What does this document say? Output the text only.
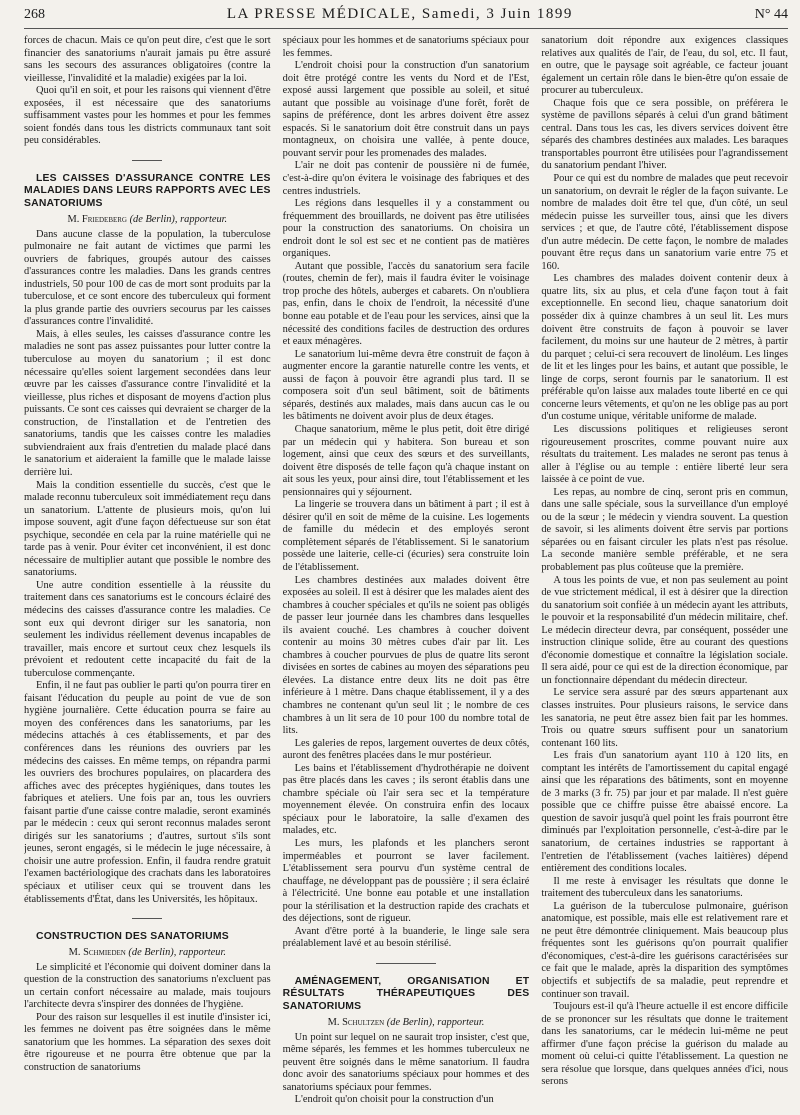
268	LA PRESSE MÉDICALE, Samedi, 3 Juin 1899	N° 44

forces de chacun. Mais ce qu'on peut dire, c'est que le sort financier des sanatoriums n'aurait jamais pu être assuré sans les secours des assurances obligatoires (contre la vieillesse, l'invalidité et la maladie) exigées par la loi.

Quoi qu'il en soit, et pour les raisons qui viennent d'être exposées, il est nécessaire que des sanatoriums suffisamment vastes pour les hommes et pour les femmes soient fondés dans tous les districts communaux tant soit peu considérables.

LES CAISSES D'ASSURANCE CONTRE LES MALADIES DANS LEURS RAPPORTS AVEC LES SANATORIUMS

M. Friedeberg (de Berlin), rapporteur.

Dans aucune classe de la population, la tuberculose pulmonaire ne fait autant de victimes que parmi les ouvriers de fabriques, groupés autour des caisses d'assurances contre les maladies. Dans les grands centres industriels, 50 pour 100 de cas de mort sont produits par la tuberculose, et ce sont encore des tuberculeux qui forment la plus grande partie des ouvriers secourus par les caisses d'assurances contre l'invalidité.

Mais, à elles seules, les caisses d'assurance contre les maladies ne sont pas assez puissantes pour lutter contre la tuberculose au moyen du sanatorium ; il est donc nécessaire qu'elles soient largement secondées dans leur œuvre par les caisses d'assurance contre l'invalidité et la vieillesse, plus riches et disposant de moyens d'action plus puissants. Ce sont ces caisses qui devraient se charger de la construction, de l'installation et de l'entretien des sanatoriums, tandis que les caisses contre les maladies subviendraient aux frais d'entretien du malade placé dans le sanatorium et aideraient la famille que le malade laisse derrière lui.

Mais la condition essentielle du succès, c'est que le malade reconnu tuberculeux soit immédiatement reçu dans un sanatorium. L'attente de plusieurs mois, qu'on lui impose souvent, agit d'une façon défectueuse sur son état psychique, secondée en cela par la ruine matérielle qui ne tarde pas à venir. Pour éviter cet inconvénient, il est donc nécessaire de multiplier autant que possible le nombre des sanatoriums.

Une autre condition essentielle à la réussite du traitement dans ces sanatoriums est le concours éclairé des médecins des caisses d'assurance contre les maladies. Ce sont eux qui devront diriger sur les sanatoria, non seulement les individus réellement devenus incapables de travailler, mais encore et surtout ceux chez lesquels ils prévoient et redoutent cette incapacité du fait de la tuberculose commençante.

Enfin, il ne faut pas oublier le parti qu'on pourra tirer en faisant l'éducation du peuple au point de vue de son hygiène journalière. Cette éducation pourra se faire au moyen des conférences dans les sanatoriums, par les médecins attachés à ces établissements, et par des conférences dans les réunions des ouvriers par les médecins des caisses. En même temps, on répandra parmi les ouvriers des brochures populaires, on placardera des affiches avec des préceptes hygiéniques, dans toutes les fabriques et ateliers. Une fois par an, tous les ouvriers faisant partie d'une caisse contre maladie, seront examinés par le médecin : ceux qui seront reconnus malades seront dirigés sur les sanatoriums ; d'autres, surtout s'ils sont jeunes, seront engagés, si le médecin le juge nécessaire, à choisir une autre profession. Enfin, il faudra rendre gratuit l'examen bactériologique des crachats dans les laboratoires spéciaux et utiliser ceux qui se trouvent dans les établissements d'État, dans les Universités, les hôpitaux.

CONSTRUCTION DES SANATORIUMS

M. Schmieden (de Berlin), rapporteur.

Le simplicité et l'économie qui doivent dominer dans la question de la construction des sanatoriums n'excluent pas un certain confort nécessaire au malade, mais toujours l'architecte devra s'inspirer des données de l'hygiène.

Pour des raison sur lesquelles il est inutile d'insister ici, les femmes ne doivent pas être soignées dans le même sanatorium que les hommes. La séparation des sexes doit être rigoureuse et ne pourra être obtenue que par la construction de sanatoriums

spéciaux pour les hommes et de sanatoriums spéciaux pour les femmes.

L'endroit choisi pour la construction d'un sanatorium doit être protégé contre les vents du Nord et de l'Est, exposé aussi largement que possible au soleil, et situé autant que possible au voisinage d'une forêt, forêt de sapins de préférence, dont les arbres doivent être assez espacés. Si le sanatorium doit être construit dans un pays montagneux, on choisira une vallée, à pente douce, pouvant servir pour les promenades des malades.

L'air ne doit pas contenir de poussière ni de fumée, c'est-à-dire qu'on évitera le voisinage des fabriques et des centres industriels.

Les régions dans lesquelles il y a constamment ou fréquemment des brouillards, ne doivent pas être utilisées pour la construction des sanatoriums. On choisira un endroit dont le sol est sec et ne contient pas de matières organiques.

Autant que possible, l'accès du sanatorium sera facile (routes, chemin de fer), mais il faudra éviter le voisinage trop proche des hôtels, auberges et cabarets. On n'oubliera pas, enfin, dans le choix de l'endroit, la nécessité d'une bonne eau potable et de l'eau pour les services, ainsi que la nécessité des conditions faciles de destruction des ordures et eaux ménagères.

Le sanatorium lui-même devra être construit de façon à augmenter encore la garantie naturelle contre les vents, et aussi de façon à pouvoir être agrandi plus tard. Il se composera soit d'un seul bâtiment, soit de bâtiments séparés, destinés aux malades, mais dans aucun cas le ou les bâtiments ne doivent avoir plus de deux étages.

Chaque sanatorium, même le plus petit, doit être dirigé par un médecin qui y habitera. Son bureau et son logement, ainsi que ceux des sœurs et des surveillants, doivent être disposés de telle façon qu'à chaque instant on ait sous les yeux, pour ainsi dire, tout l'établissement et les pensionnaires qui y séjournent.

La lingerie se trouvera dans un bâtiment à part ; il est à désirer qu'il en soit de même de la cuisine. Les logements de famille du médecin et des employés seront complètement séparés de l'établissement. Si le sanatorium possède une laiterie, celle-ci (écuries) sera construite loin de l'établissement.

Les chambres destinées aux malades doivent être exposées au soleil. Il est à désirer que les malades aient des chambres à coucher spéciales et qu'ils ne soient pas obligés de passer leur journée dans les chambres dans lesquelles ils avaient couché. Les chambres à coucher doivent contenir au moins 30 mètres cubes d'air par lit. Les chambres à coucher pourvues de plus de quatre lits seront divisées en sortes de cabines au moyen des séparations peu élevées. La distance entre deux lits ne doit pas être inférieure à 1 mètre. Dans chaque établissement, il y a des chambres ne contenant qu'un seul lit ; le nombre de ces chambres à un lit sera de 10 pour 100 du nombre total de lits.

Les galeries de repos, largement ouvertes de deux côtés, auront des fenêtres placées dans le mur postérieur.

Les bains et l'établissement d'hydrothérapie ne doivent pas être placés dans les caves ; ils seront établis dans une chambre spéciale où l'air sera sec et la température moyennement élevée. On construira enfin des locaux spéciaux pour le laboratoire, la salle d'examen des malades, etc.

Les murs, les plafonds et les planchers seront imperméables et pourront se laver facilement. L'établissement sera pourvu d'un système central de chauffage, ne développant pas de poussière ; il sera éclairé à l'électricité. Une bonne eau potable et une installation pour la stérilisation et la destruction rapide des crachats et des déjections, sont de rigueur.

Avant d'être porté à la buanderie, le linge sale sera préalablement lavé et au besoin stérilisé.

AMÉNAGEMENT, ORGANISATION ET RÉSULTATS THÉRAPEUTIQUES DES SANATORIUMS

M. Schultzen (de Berlin), rapporteur.

Un point sur lequel on ne saurait trop insister, c'est que, même séparés, les femmes et les hommes tuberculeux ne peuvent être soignés dans le même sanatorium. Il faudra donc avoir des sanatoriums spéciaux pour hommes et des sanatoriums spéciaux pour femmes.

L'endroit qu'on choisit pour la construction d'un

sanatorium doit répondre aux exigences classiques relatives aux qualités de l'air, de l'eau, du sol, etc. Il faut, en outre, que le paysage soit agréable, ce facteur jouant également un certain rôle dans le bien-être qu'on essaie de procurer au tuberculeux.

Chaque fois que ce sera possible, on préférera le système de pavillons séparés à celui d'un grand bâtiment central. Dans tous les cas, les divers services doivent être séparés des chambres destinées aux malades. Les baraques transportables pourront être utilisées pour l'agrandissement du sanatorium pendant l'hiver.

Pour ce qui est du nombre de malades que peut recevoir un sanatorium, on devrait le régler de la façon suivante. Le nombre de malades doit être tel que, d'un côté, un seul médecin puisse les surveiller tous, ainsi que les divers services ; et que, de l'autre côté, l'établissement dispose d'un autre médecin. De cette façon, le nombre de malades pouvant être reçus dans un sanatorium varie entre 75 et 160.

Les chambres des malades doivent contenir deux à quatre lits, six au plus, et cela d'une façon tout à fait exceptionnelle. En second lieu, chaque sanatorium doit posséder dix à quinze chambres à un seul lit. Les murs doivent être construits de façon à pouvoir se laver facilement, du moins sur une hauteur de 2 mètres, à partir du parquet ; celui-ci sera recouvert de linoléum. Les linges de lit et les linges pour les bains, et autant que possible, le linge de corps, seront fournis par le sanatorium. Il est préférable qu'on laisse aux malades toute liberté en ce qui concerne leurs vêtements, et qu'on ne les oblige pas au port d'un costume unique, véritable uniforme de malade.

Les discussions politiques et religieuses seront rigoureusement proscrites, comme pouvant nuire aux résultats du traitement. Les malades ne seront pas tenus à aller à l'église ou au temple : entière liberté leur sera laissée à ce point de vue.

Les repas, au nombre de cinq, seront pris en commun, dans une salle spéciale, sous la surveillance d'un employé ou de la sœur ; le médecin y viendra souvent. La question de savoir, si les aliments doivent être servis par portions séparées ou en faisant circuler les plats n'est pas résolue. La seconde manière semble préférable, et ne sera probablement pas plus coûteuse que la première.

A tous les points de vue, et non pas seulement au point de vue strictement médical, il est à désirer que la direction du sanatorium soit confiée à un médecin ayant les attributs, le pouvoir et la responsabilité d'un médecin militaire, chef. Le médecin directeur devra, par conséquent, posséder une instruction clinique solide, être au courant des questions d'économie domestique et connaître la législation sociale. Il sera aidé, pour ce qui est de la direction économique, par un fonctionnaire dépendant du médecin directeur.

Le service sera assuré par des sœurs appartenant aux classes instruites. Pour plusieurs raisons, le service dans les sanatoria, ne peut être assez bien fait par les hommes. Trois ou quatre sœurs suffisent pour un sanatorium contenant 160 lits.

Les frais d'un sanatorium ayant 110 à 120 lits, en comptant les intérêts de l'amortissement du capital engagé ainsi que les réparations des bâtiments, sont en moyenne de 3 marks (3 fr. 75) par jour et par malade. Il n'est guère possible que ce chiffre puisse être abaissé encore. La question de savoir jusqu'à quel point les frais pourront être diminués par l'exploitation personnelle, c'est-à-dire par le sanatorium, de certaines industries se rapportant à l'entretien de l'établissement (vaches laitières) dépend entièrement des conditions locales.

Il me reste à envisager les résultats que donne le traitement des tuberculeux dans les sanatoriums.

La guérison de la tuberculose pulmonaire, guérison anatomique, est possible, mais elle est relativement rare et ne peut être démontrée cliniquement. Mais beaucoup plus fréquentes sont les guérisons qu'on pourrait qualifier d'économiques, c'est-à-dire les guérisons caractérisées sur ce fait que le malade, après la disparition des symptômes objectifs et subjectifs de sa maladie, peut reprendre et continuer son travail.

Toujours est-il qu'à l'heure actuelle il est encore difficile de se prononcer sur les résultats que donne le traitement dans les sanatoriums, car le médecin lui-même ne peut affirmer d'une façon précise la guérison du malade au moment où celui-ci quitte l'établissement. La question ne sera résolue que lorsque, dans quelques années d'ici, nous serons
